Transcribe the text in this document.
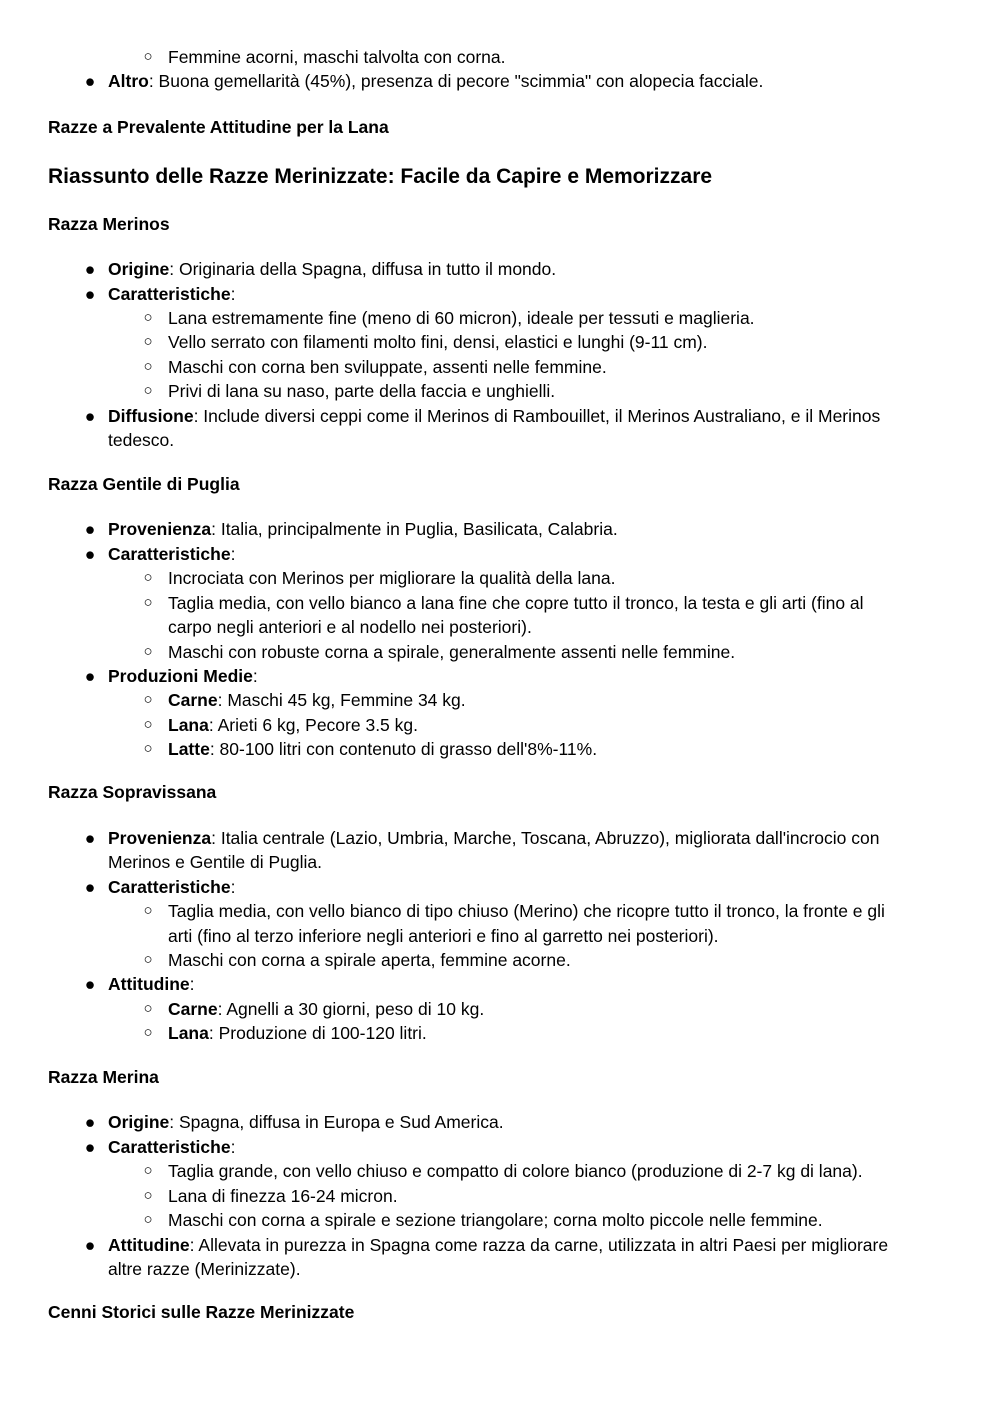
○ Femmine acorni, maschi talvolta con corna.
● Altro: Buona gemellarità (45%), presenza di pecore "scimmia" con alopecia facciale.
Razze a Prevalente Attitudine per la Lana
Riassunto delle Razze Merinizzate: Facile da Capire e Memorizzare
Razza Merinos
● Origine: Originaria della Spagna, diffusa in tutto il mondo.
● Caratteristiche:
○ Lana estremamente fine (meno di 60 micron), ideale per tessuti e maglieria.
○ Vello serrato con filamenti molto fini, densi, elastici e lunghi (9-11 cm).
○ Maschi con corna ben sviluppate, assenti nelle femmine.
○ Privi di lana su naso, parte della faccia e unghielli.
● Diffusione: Include diversi ceppi come il Merinos di Rambouillet, il Merinos Australiano, e il Merinos
tedesco.
Razza Gentile di Puglia
● Provenienza: Italia, principalmente in Puglia, Basilicata, Calabria.
● Caratteristiche:
○ Incrociata con Merinos per migliorare la qualità della lana.
○ Taglia media, con vello bianco a lana fine che copre tutto il tronco, la testa e gli arti (fino al
carpo negli anteriori e al nodello nei posteriori).
○ Maschi con robuste corna a spirale, generalmente assenti nelle femmine.
● Produzioni Medie:
○ Carne: Maschi 45 kg, Femmine 34 kg.
○ Lana: Arieti 6 kg, Pecore 3.5 kg.
○ Latte: 80-100 litri con contenuto di grasso dell'8%-11%.
Razza Sopravissana
● Provenienza: Italia centrale (Lazio, Umbria, Marche, Toscana, Abruzzo), migliorata dall'incrocio con
Merinos e Gentile di Puglia.
● Caratteristiche:
○ Taglia media, con vello bianco di tipo chiuso (Merino) che ricopre tutto il tronco, la fronte e gli
arti (fino al terzo inferiore negli anteriori e fino al garretto nei posteriori).
○ Maschi con corna a spirale aperta, femmine acorne.
● Attitudine:
○ Carne: Agnelli a 30 giorni, peso di 10 kg.
○ Lana: Produzione di 100-120 litri.
Razza Merina
● Origine: Spagna, diffusa in Europa e Sud America.
● Caratteristiche:
○ Taglia grande, con vello chiuso e compatto di colore bianco (produzione di 2-7 kg di lana).
○ Lana di finezza 16-24 micron.
○ Maschi con corna a spirale e sezione triangolare; corna molto piccole nelle femmine.
● Attitudine: Allevata in purezza in Spagna come razza da carne, utilizzata in altri Paesi per migliorare
altre razze (Merinizzate).
Cenni Storici sulle Razze Merinizzate
